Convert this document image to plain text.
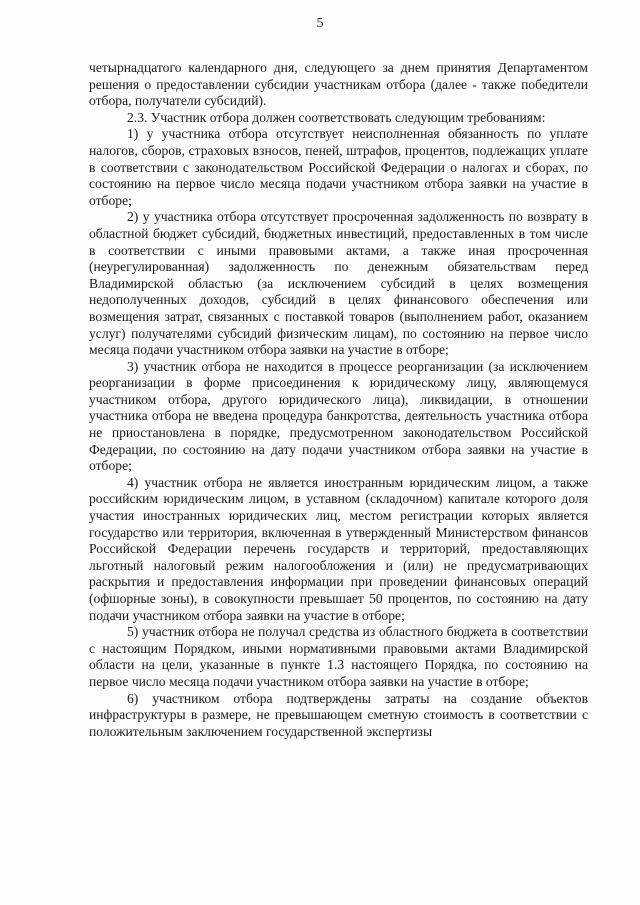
5

четырнадцатого календарного дня, следующего за днем принятия Департаментом решения о предоставлении субсидии участникам отбора (далее - также победители отбора, получатели субсидий).

2.3. Участник отбора должен соответствовать следующим требованиям:

1) у участника отбора отсутствует неисполненная обязанность по уплате налогов, сборов, страховых взносов, пеней, штрафов, процентов, подлежащих уплате в соответствии с законодательством Российской Федерации о налогах и сборах, по состоянию на первое число месяца подачи участником отбора заявки на участие в отборе;

2) у участника отбора отсутствует просроченная задолженность по возврату в областной бюджет субсидий, бюджетных инвестиций, предоставленных в том числе в соответствии с иными правовыми актами, а также иная просроченная (неурегулированная) задолженность по денежным обязательствам перед Владимирской областью (за исключением субсидий в целях возмещения недополученных доходов, субсидий в целях финансового обеспечения или возмещения затрат, связанных с поставкой товаров (выполнением работ, оказанием услуг) получателями субсидий физическим лицам), по состоянию на первое число месяца подачи участником отбора заявки на участие в отборе;

3) участник отбора не находится в процессе реорганизации (за исключением реорганизации в форме присоединения к юридическому лицу, являющемуся участником отбора, другого юридического лица), ликвидации, в отношении участника отбора не введена процедура банкротства, деятельность участника отбора не приостановлена в порядке, предусмотренном законодательством Российской Федерации, по состоянию на дату подачи участником отбора заявки на участие в отборе;

4) участник отбора не является иностранным юридическим лицом, а также российским юридическим лицом, в уставном (складочном) капитале которого доля участия иностранных юридических лиц, местом регистрации которых является государство или территория, включенная в утвержденный Министерством финансов Российской Федерации перечень государств и территорий, предоставляющих льготный налоговый режим налогообложения и (или) не предусматривающих раскрытия и предоставления информации при проведении финансовых операций (офшорные зоны), в совокупности превышает 50 процентов, по состоянию на дату подачи участником отбора заявки на участие в отборе;

5) участник отбора не получал средства из областного бюджета в соответствии с настоящим Порядком, иными нормативными правовыми актами Владимирской области на цели, указанные в пункте 1.3 настоящего Порядка, по состоянию на первое число месяца подачи участником отбора заявки на участие в отборе;

6) участником отбора подтверждены затраты на создание объектов инфраструктуры в размере, не превышающем сметную стоимость в соответствии с положительным заключением государственной экспертизы
